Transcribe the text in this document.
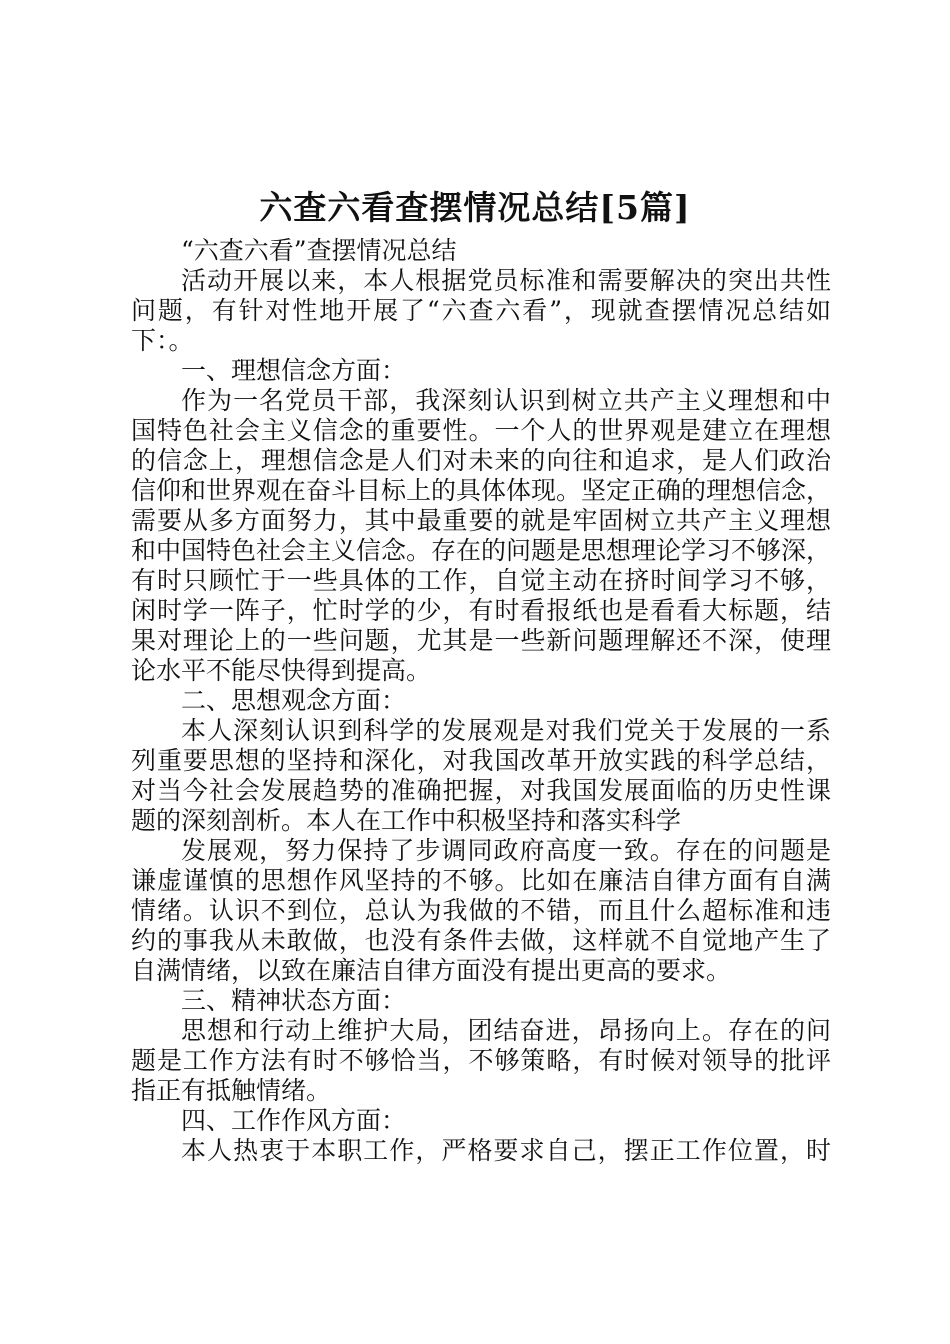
六查六看查摆情况总结[5篇]
“六查六看”查摆情况总结
活动开展以来，本人根据党员标准和需要解决的突出共性
问题，有针对性地开展了“六查六看”，现就查摆情况总结如
下：。
一、理想信念方面：
作为一名党员干部，我深刻认识到树立共产主义理想和中
国特色社会主义信念的重要性。一个人的世界观是建立在理想
的信念上，理想信念是人们对未来的向往和追求，是人们政治
信仰和世界观在奋斗目标上的具体体现。坚定正确的理想信念，
需要从多方面努力，其中最重要的就是牢固树立共产主义理想
和中国特色社会主义信念。存在的问题是思想理论学习不够深，
有时只顾忙于一些具体的工作，自觉主动在挤时间学习不够，
闲时学一阵子，忙时学的少，有时看报纸也是看看大标题，结
果对理论上的一些问题，尤其是一些新问题理解还不深，使理
论水平不能尽快得到提高。
二、思想观念方面：
本人深刻认识到科学的发展观是对我们党关于发展的一系
列重要思想的坚持和深化，对我国改革开放实践的科学总结，
对当今社会发展趋势的准确把握，对我国发展面临的历史性课
题的深刻剖析。本人在工作中积极坚持和落实科学
发展观，努力保持了步调同政府高度一致。存在的问题是
谦虚谨慎的思想作风坚持的不够。比如在廉洁自律方面有自满
情绪。认识不到位，总认为我做的不错，而且什么超标准和违
约的事我从未敢做，也没有条件去做，这样就不自觉地产生了
自满情绪，以致在廉洁自律方面没有提出更高的要求。
三、精神状态方面：
思想和行动上维护大局，团结奋进，昂扬向上。存在的问
题是工作方法有时不够恰当，不够策略，有时候对领导的批评
指正有抵触情绪。
四、工作作风方面：
本人热衷于本职工作，严格要求自己，摆正工作位置，时
